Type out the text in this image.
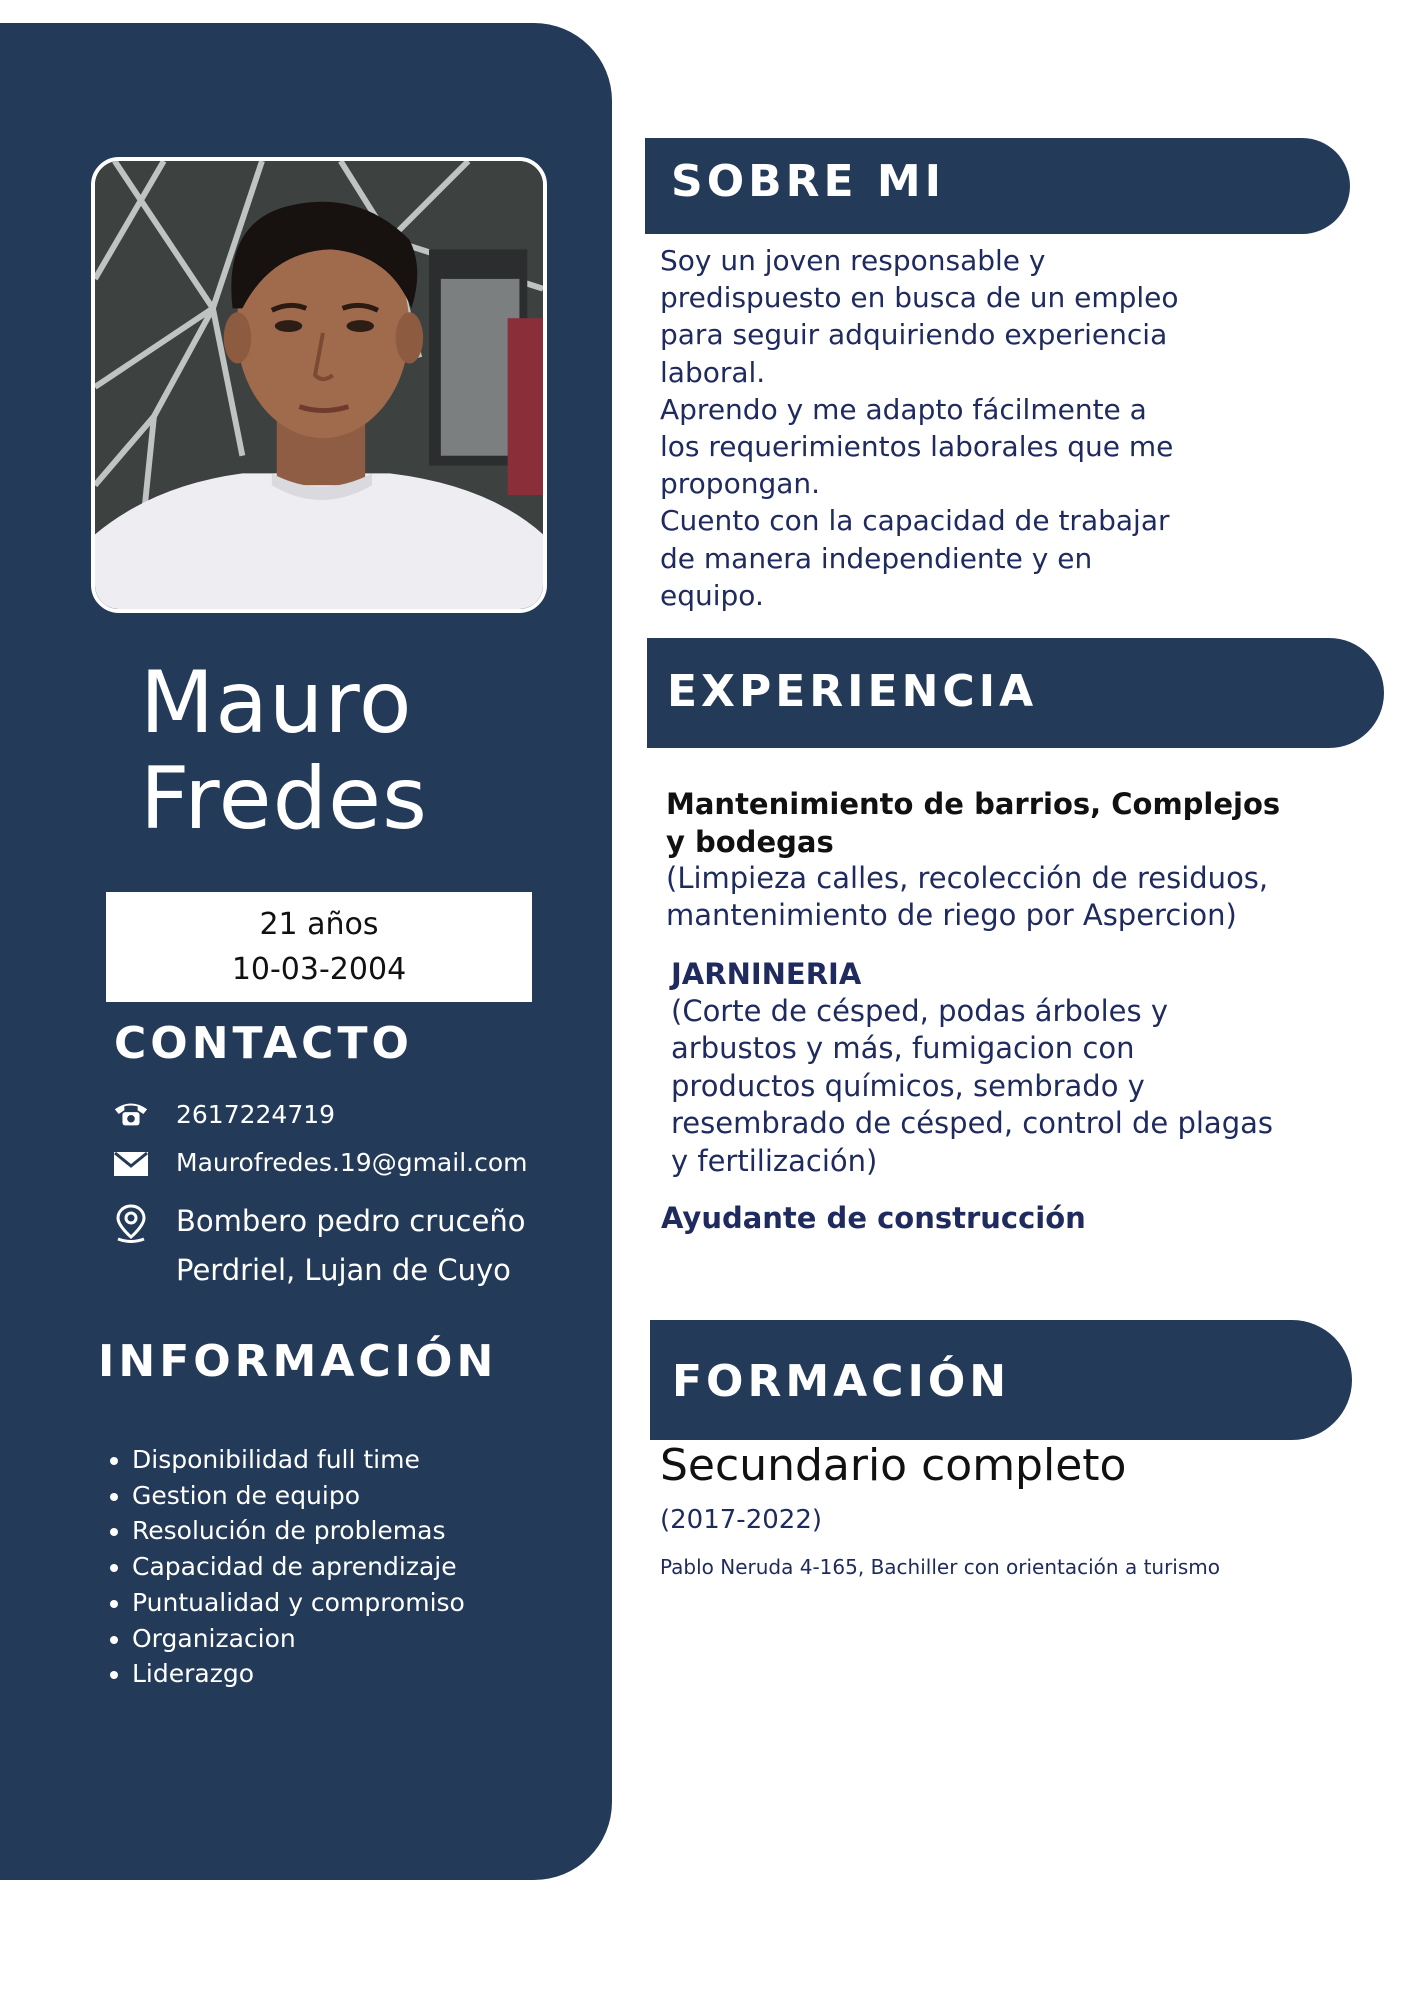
Mauro
Fredes
21 años
10-03-2004
CONTACTO
2617224719
Maurofredes.19@gmail.com
Bombero pedro cruceño
Perdriel, Lujan de Cuyo
INFORMACIÓN
Disponibilidad full time
Gestion de equipo
Resolución de problemas
Capacidad de aprendizaje
Puntualidad y compromiso
Organizacion
Liderazgo
SOBRE MI

Soy un joven responsable y

predispuesto en busca de un empleo

para seguir adquiriendo experiencia

laboral.

Aprendo y me adapto fácilmente a

los requerimientos laborales que me

propongan.

Cuento con la capacidad de trabajar

de manera independiente y en

equipo.

EXPERIENCIA
Mantenimiento de barrios, Complejos
y bodegas
(Limpieza calles, recolección de residuos,
mantenimiento de riego por Aspercion)
JARNINERIA
(Corte de césped, podas árboles y
arbustos y más, fumigacion con
productos químicos, sembrado y
resembrado de césped, control de plagas
y fertilización)
Ayudante de construcción
FORMACIÓN
Secundario completo
(2017-2022)
Pablo Neruda 4-165, Bachiller con orientación a turismo
